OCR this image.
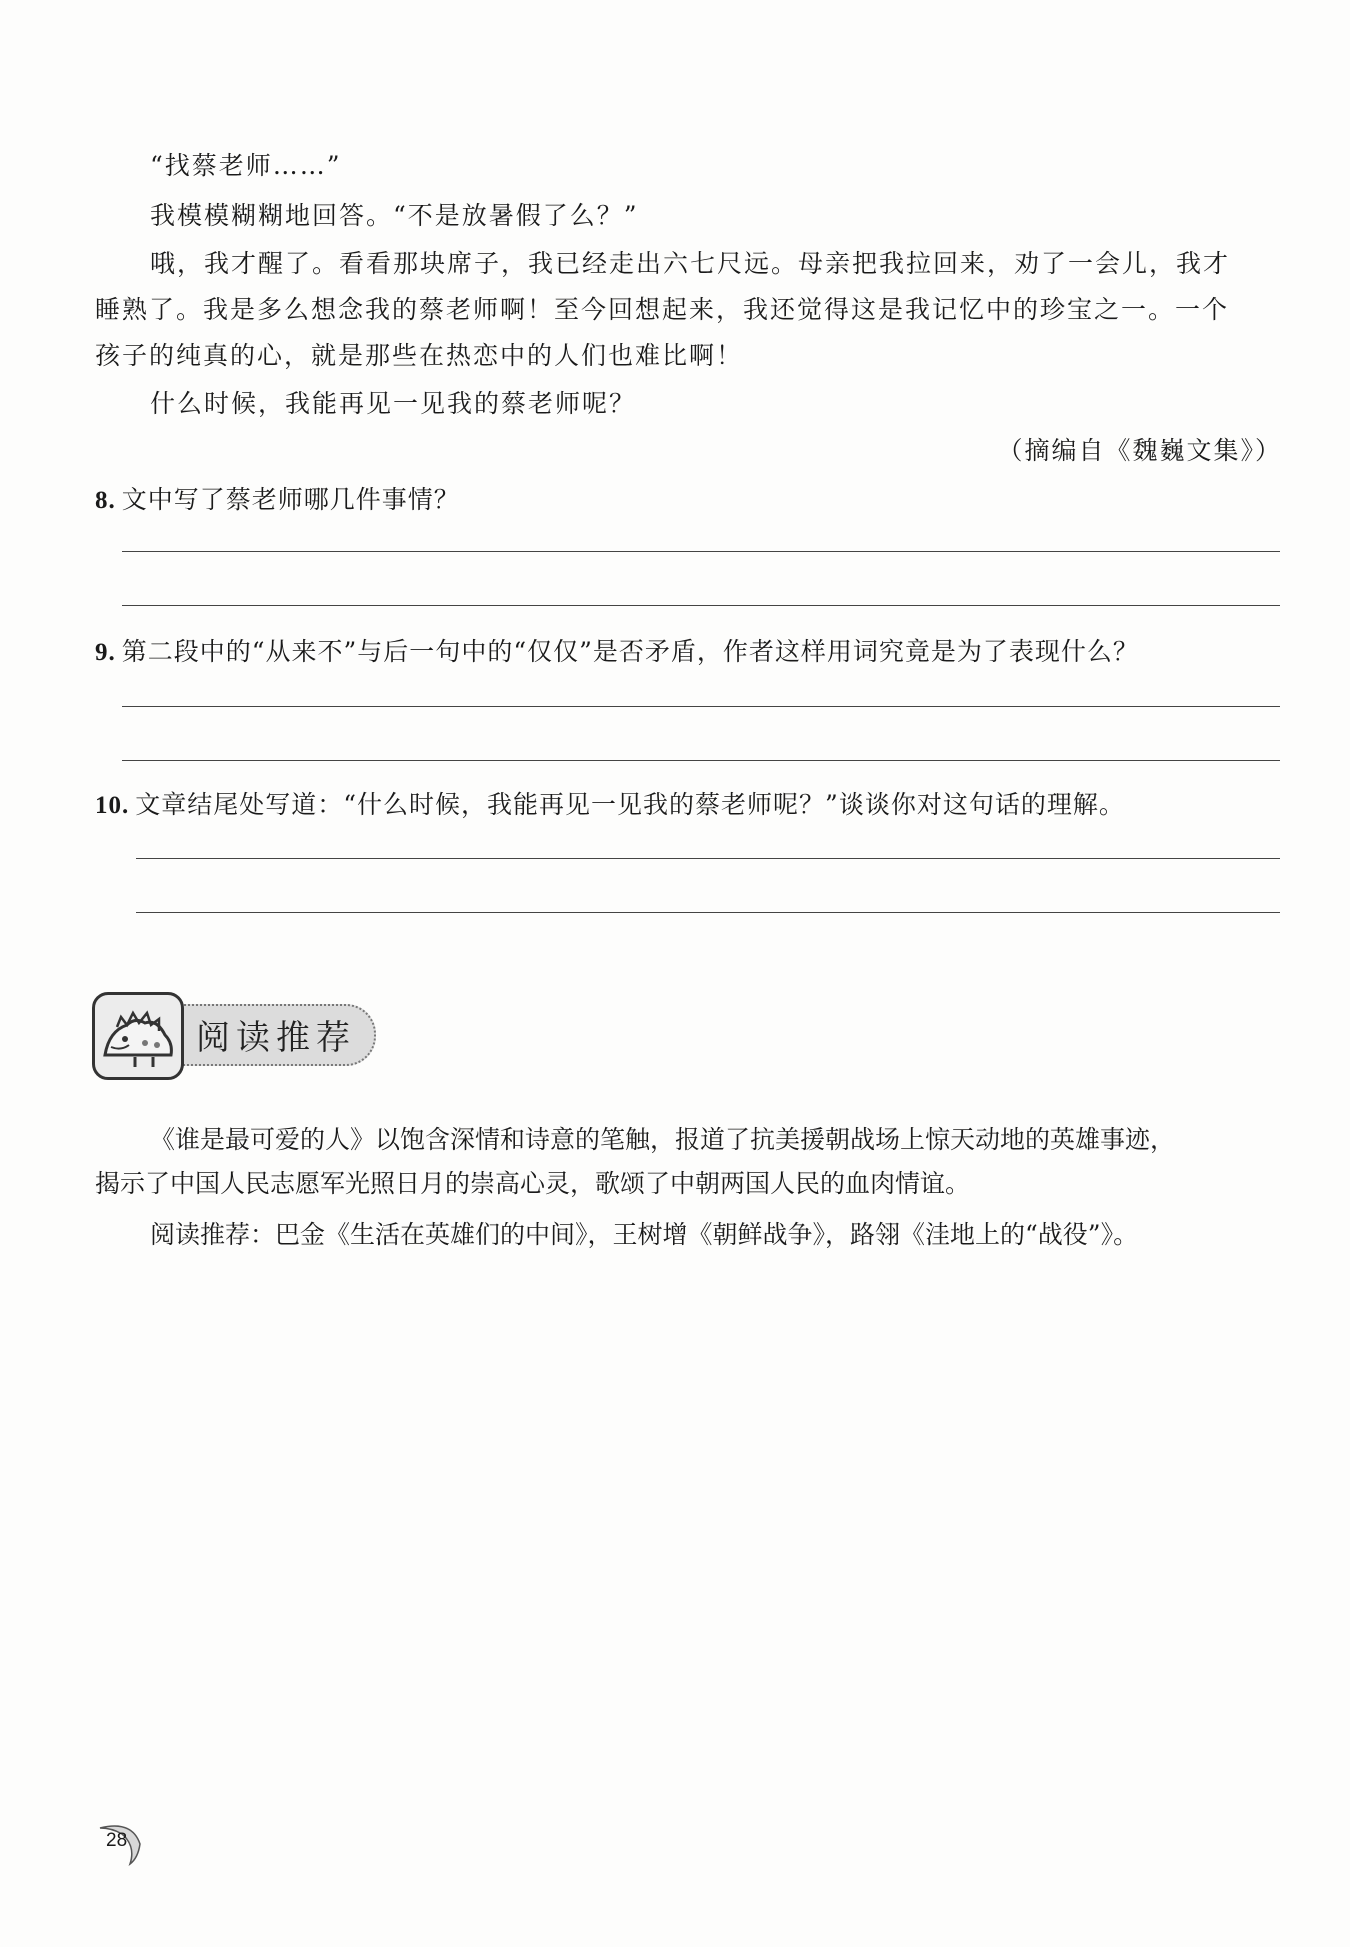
“找蔡老师……”

我模模糊糊地回答。“不是放暑假了么？”

哦，我才醒了。看看那块席子，我已经走出六七尺远。母亲把我拉回来，劝了一会儿，我才

睡熟了。我是多么想念我的蔡老师啊！至今回想起来，我还觉得这是我记忆中的珍宝之一。一个

孩子的纯真的心，就是那些在热恋中的人们也难比啊！

什么时候，我能再见一见我的蔡老师呢？

（摘编自《魏巍文集》）

8. 文中写了蔡老师哪几件事情？

9. 第二段中的“从来不”与后一句中的“仅仅”是否矛盾，作者这样用词究竟是为了表现什么？

10. 文章结尾处写道：“什么时候，我能再见一见我的蔡老师呢？”谈谈你对这句话的理解。

阅读推荐

《谁是最可爱的人》以饱含深情和诗意的笔触，报道了抗美援朝战场上惊天动地的英雄事迹，

揭示了中国人民志愿军光照日月的崇高心灵，歌颂了中朝两国人民的血肉情谊。

阅读推荐：巴金《生活在英雄们的中间》，王树增《朝鲜战争》，路翎《洼地上的“战役”》。

28
